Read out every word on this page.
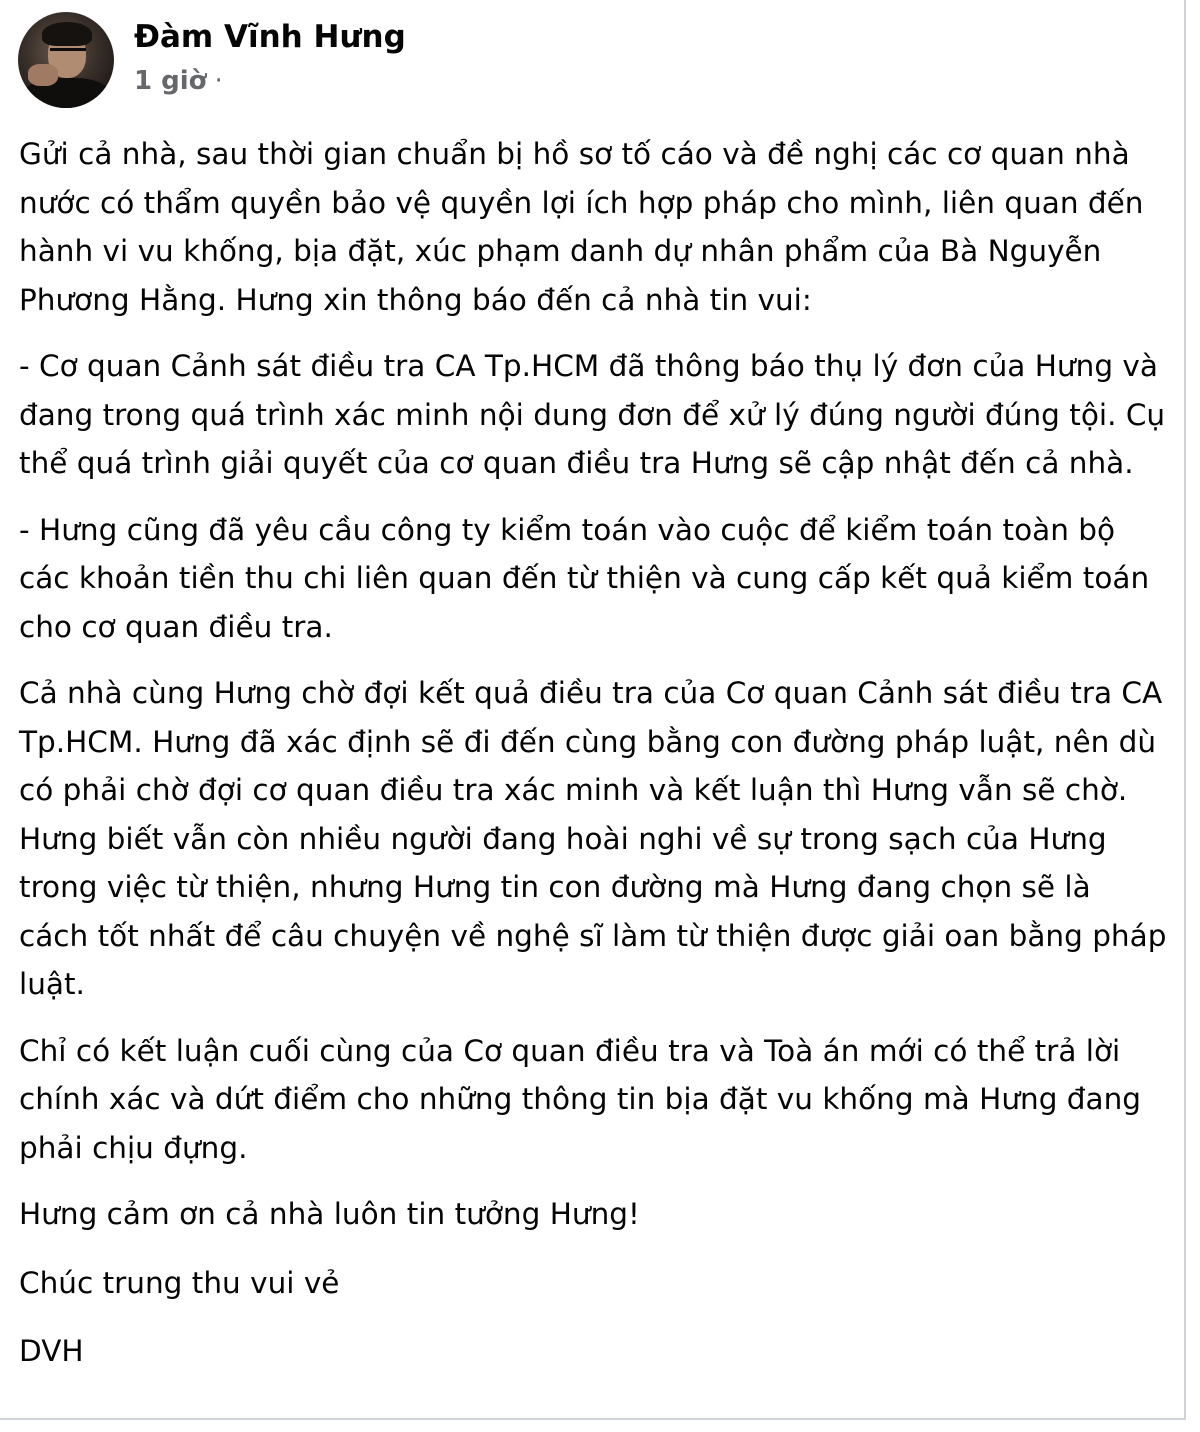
Đàm Vĩnh Hưng
1 giờ ·

Gửi cả nhà, sau thời gian chuẩn bị hồ sơ tố cáo và đề nghị các cơ quan nhà nước có thẩm quyền bảo vệ quyền lợi ích hợp pháp cho mình, liên quan đến hành vi vu khống, bịa đặt, xúc phạm danh dự nhân phẩm của Bà Nguyễn Phương Hằng. Hưng xin thông báo đến cả nhà tin vui:

- Cơ quan Cảnh sát điều tra CA Tp.HCM đã thông báo thụ lý đơn của Hưng và đang trong quá trình xác minh nội dung đơn để xử lý đúng người đúng tội. Cụ thể quá trình giải quyết của cơ quan điều tra Hưng sẽ cập nhật đến cả nhà.

- Hưng cũng đã yêu cầu công ty kiểm toán vào cuộc để kiểm toán toàn bộ các khoản tiền thu chi liên quan đến từ thiện và cung cấp kết quả kiểm toán cho cơ quan điều tra.

Cả nhà cùng Hưng chờ đợi kết quả điều tra của Cơ quan Cảnh sát điều tra CA Tp.HCM. Hưng đã xác định sẽ đi đến cùng bằng con đường pháp luật, nên dù có phải chờ đợi cơ quan điều tra xác minh và kết luận thì Hưng vẫn sẽ chờ. Hưng biết vẫn còn nhiều người đang hoài nghi về sự trong sạch của Hưng trong việc từ thiện, nhưng Hưng tin con đường mà Hưng đang chọn sẽ là cách tốt nhất để câu chuyện về nghệ sĩ làm từ thiện được giải oan bằng pháp luật.

Chỉ có kết luận cuối cùng của Cơ quan điều tra và Toà án mới có thể trả lời chính xác và dứt điểm cho những thông tin bịa đặt vu khống mà Hưng đang phải chịu đựng.

Hưng cảm ơn cả nhà luôn tin tưởng Hưng!

Chúc trung thu vui vẻ

DVH
